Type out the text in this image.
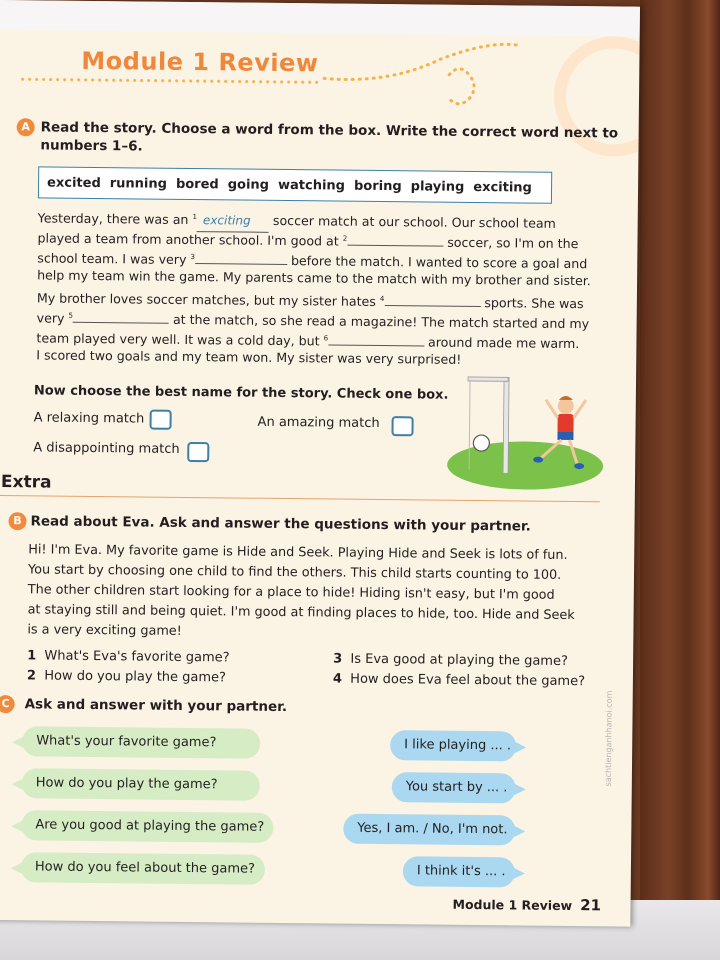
Module 1 Review
A Read the story. Choose a word from the box. Write the correct word next to
numbers 1–6.
excited running bored going watching boring playing exciting
Yesterday, there was an $^1$ exciting soccer match at our school. Our school team
played a team from another school. I'm good at $^2$	soccer, so I'm on the
school team. I was very $^3$	before the match. I wanted to score a goal and
help my team win the game. My parents came to the match with my brother and sister.
My brother loves soccer matches, but my sister hates $^4$	sports. She was
very $^5$	at the match, so she read a magazine! The match started and my
team played very well. It was a cold day, but $^6$	around made me warm.
I scored two goals and my team won. My sister was very surprised!
Now choose the best name for the story. Check one box.
A relaxing match	An amazing match
A disappointing match
Extra
B Read about Eva. Ask and answer the questions with your partner.
Hi! I'm Eva. My favorite game is Hide and Seek. Playing Hide and Seek is lots of fun.
You start by choosing one child to find the others. This child starts counting to 100.
The other children start looking for a place to hide! Hiding isn't easy, but I'm good
at staying still and being quiet. I'm good at finding places to hide, too. Hide and Seek
is a very exciting game!
1 What's Eva's favorite game?
2 How do you play the game?
3 Is Eva good at playing the game?
4 How does Eva feel about the game?
C	Ask and answer with your partner.
What's your favorite game?	I like playing ... .
How do you play the game?	You start by ... .
Are you good at playing the game?	Yes, I am. / No, I'm not.
How do you feel about the game?	I think it's ... .
Module 1 Review 21
sachtienganhhanoi.com
